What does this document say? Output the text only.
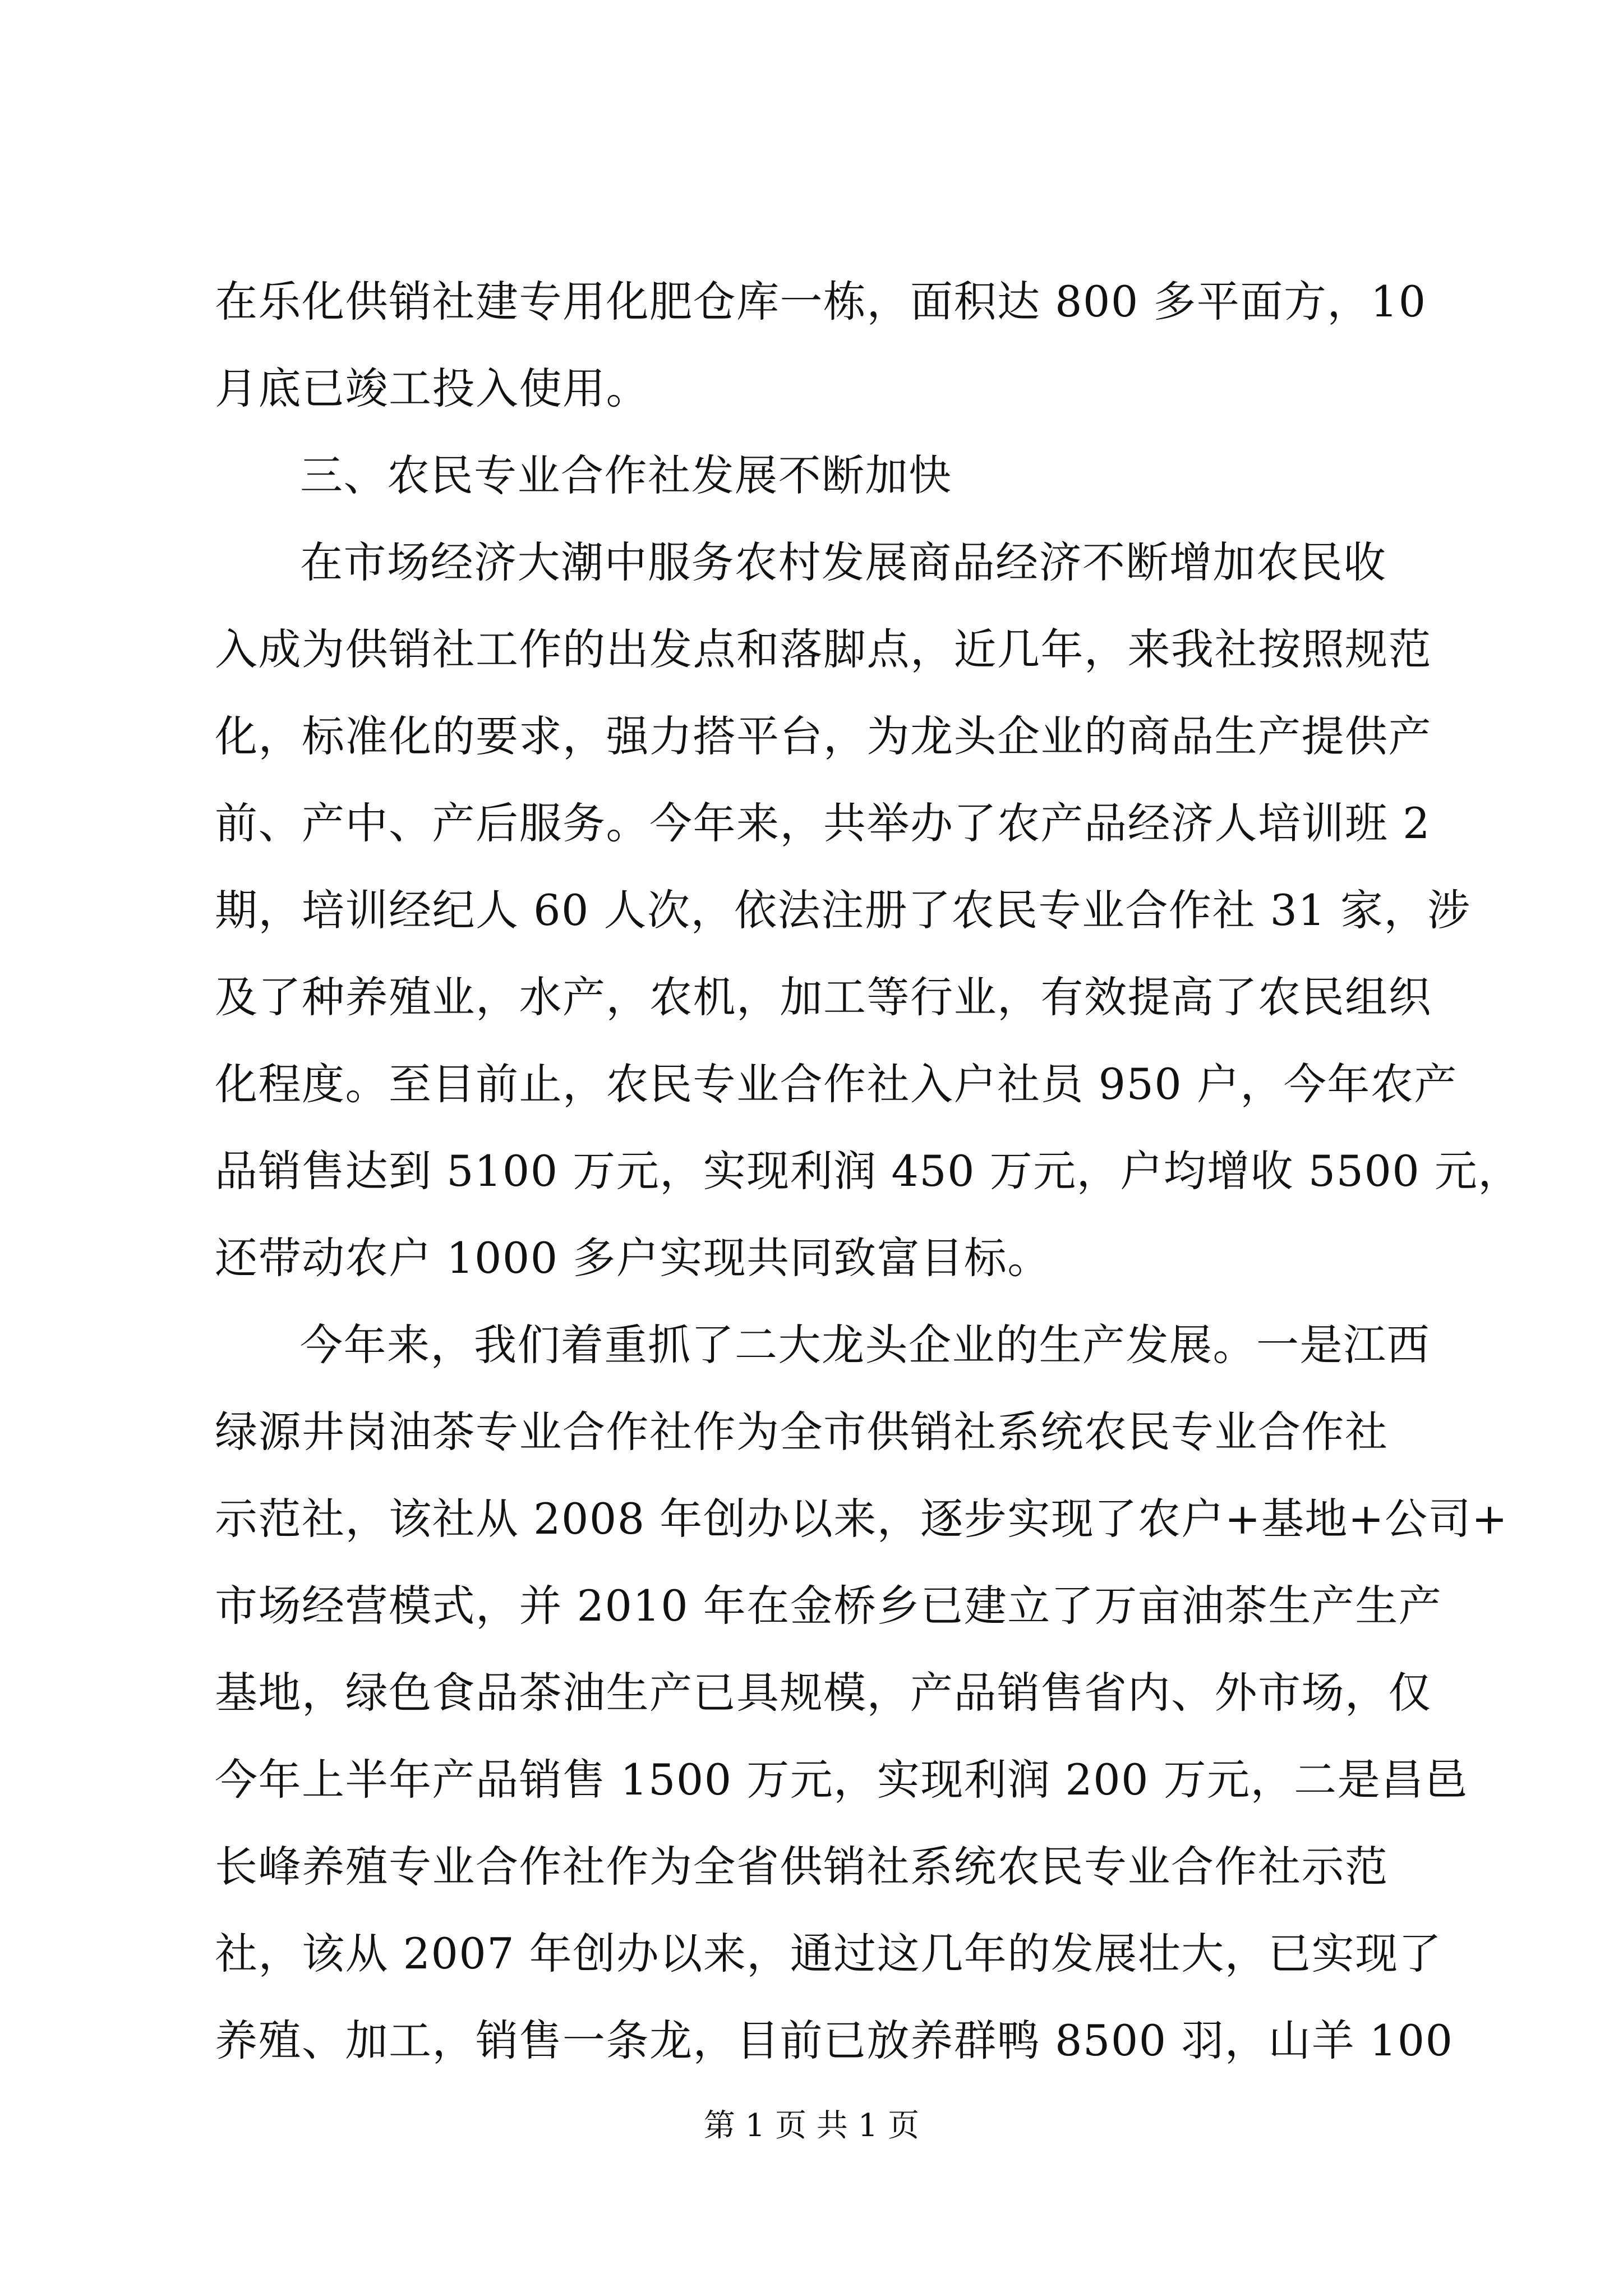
在乐化供销社建专用化肥仓库一栋，面积达 800 多平面方，10
月底已竣工投入使用。
三、农民专业合作社发展不断加快
在市场经济大潮中服务农村发展商品经济不断增加农民收
入成为供销社工作的出发点和落脚点，近几年，来我社按照规范
化，标准化的要求，强力搭平台，为龙头企业的商品生产提供产
前、产中、产后服务。今年来，共举办了农产品经济人培训班 2
期，培训经纪人 60 人次，依法注册了农民专业合作社 31 家，涉
及了种养殖业，水产，农机，加工等行业，有效提高了农民组织
化程度。至目前止，农民专业合作社入户社员 950 户，今年农产
品销售达到 5100 万元，实现利润 450 万元，户均增收 5500 元，
还带动农户 1000 多户实现共同致富目标。
今年来，我们着重抓了二大龙头企业的生产发展。一是江西
绿源井岗油茶专业合作社作为全市供销社系统农民专业合作社
示范社，该社从 2008 年创办以来，逐步实现了农户+基地+公司+
市场经营模式，并 2010 年在金桥乡已建立了万亩油茶生产生产
基地，绿色食品茶油生产已具规模，产品销售省内、外市场，仅
今年上半年产品销售 1500 万元，实现利润 200 万元，二是昌邑
长峰养殖专业合作社作为全省供销社系统农民专业合作社示范
社，该从 2007 年创办以来，通过这几年的发展壮大，已实现了
养殖、加工，销售一条龙，目前已放养群鸭 8500 羽，山羊 100
第 1 页 共 1 页
